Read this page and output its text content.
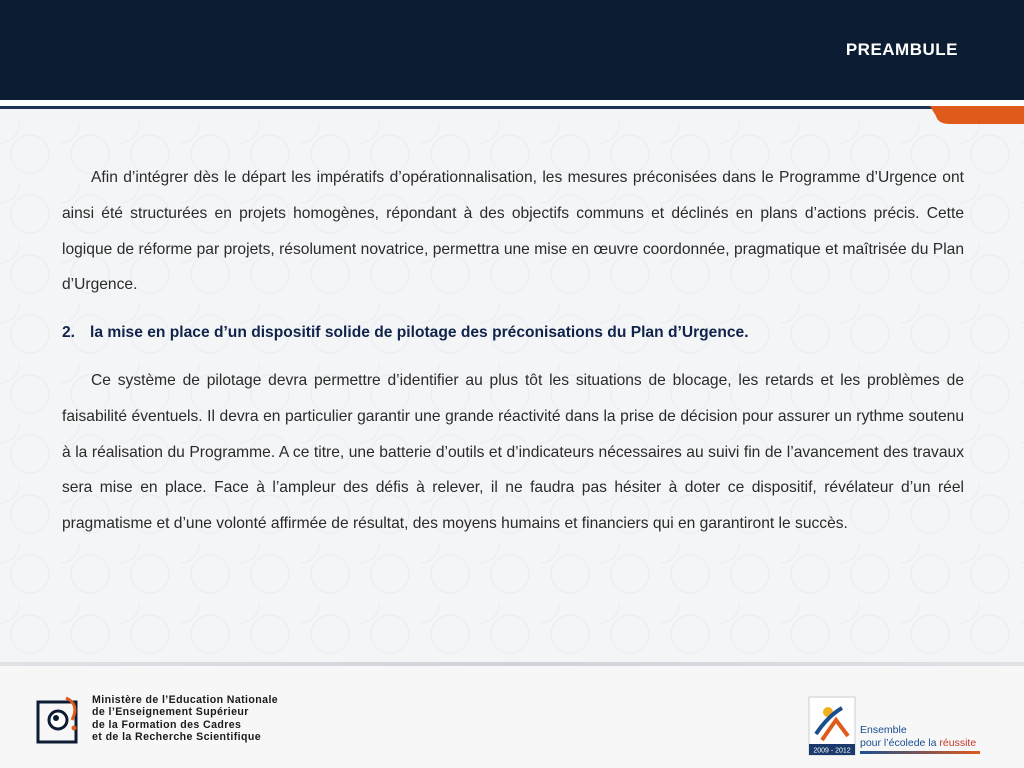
PREAMBULE

Afin d’intégrer dès le départ les impératifs d’opérationnalisation, les mesures préconisées dans le Programme d’Urgence ont ainsi été structurées en projets homogènes, répondant à des objectifs communs et déclinés en plans d’actions précis. Cette logique de réforme par projets, résolument novatrice, permettra une mise en œuvre coordonnée, pragmatique et maîtrisée du Plan d’Urgence.

2. la mise en place d’un dispositif solide de pilotage des préconisations du Plan d’Urgence.

Ce système de pilotage devra permettre d’identifier au plus tôt les situations de blocage, les retards et les problèmes de faisabilité éventuels. Il devra en particulier garantir une grande réactivité dans la prise de décision pour assurer un rythme soutenu à la réalisation du Programme. A ce titre, une batterie d’outils et d’indicateurs nécessaires au suivi fin de l’avancement des travaux sera mise en place. Face à l’ampleur des défis à relever, il ne faudra pas hésiter à doter ce dispositif, révélateur d’un réel pragmatisme et d’une volonté affirmée de résultat, des moyens humains et financiers qui en garantiront le succès.

Ministère de l’Education Nationale
de l’Enseignement Supérieur
de la Formation des Cadres
et de la Recherche Scientifique
2009 - 2012
Ensemble
pour l’écolede la réussite
